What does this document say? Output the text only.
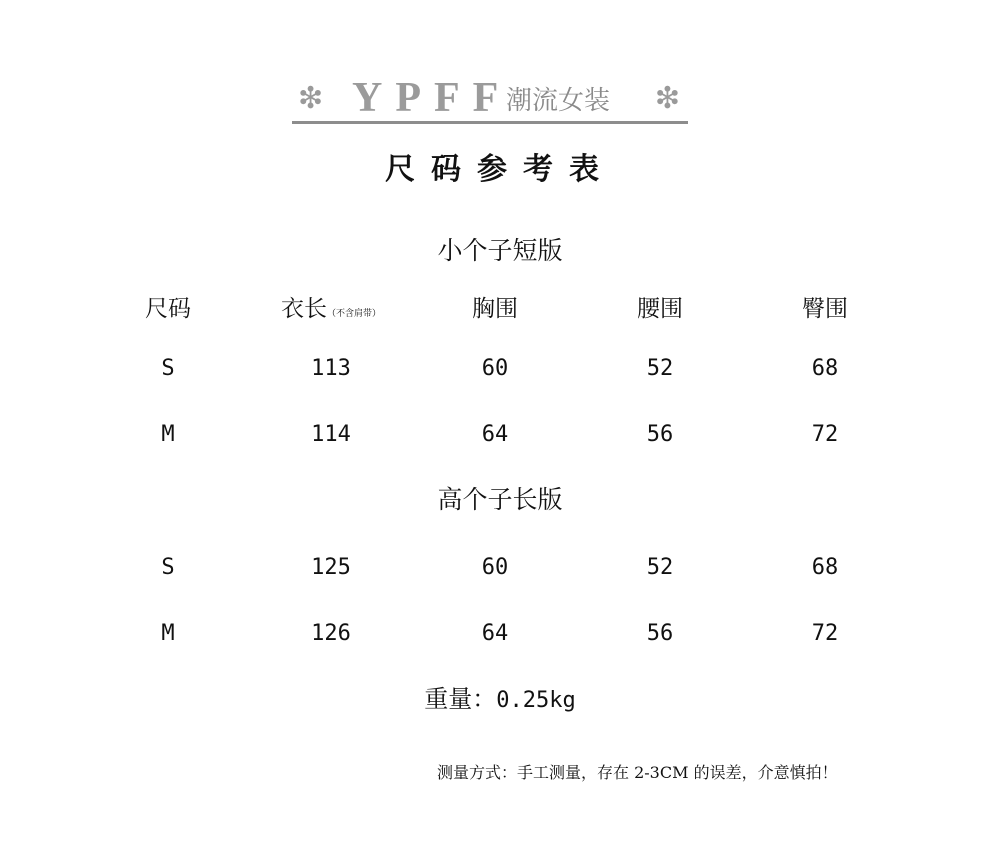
❇ YPFF
潮流女装 ❇
尺码参考表
小个子短版
尺码	衣长（不含肩带）	胸围	腰围	臀围
S	113	60	52	68
M	114	64	56	72
高个子长版
S	125	60	52	68
M	126	64	56	72
重量：0.25kg
测量方式：手工测量，存在 2-3CM 的误差，介意慎拍！
